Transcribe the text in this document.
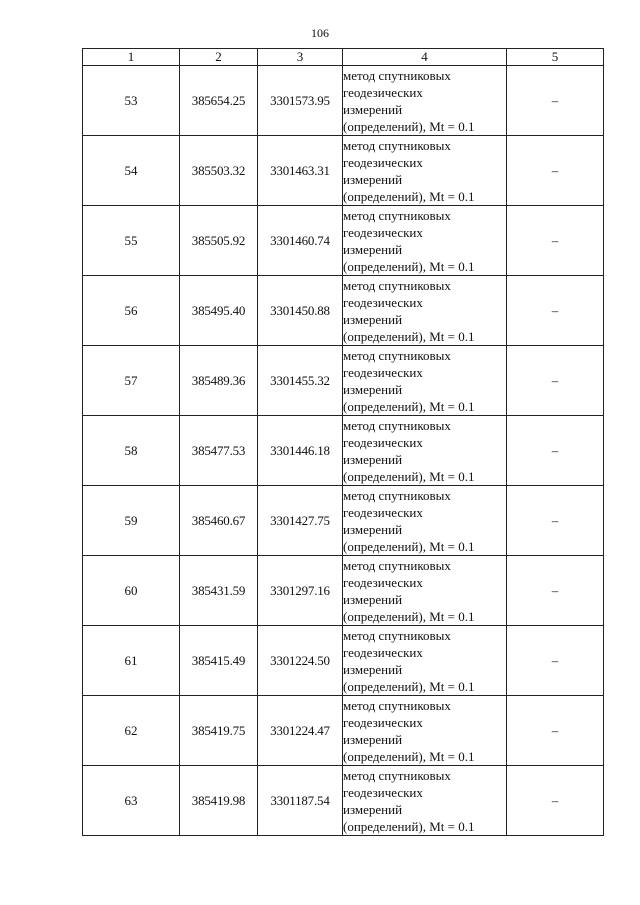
106
1	2	3	4	5
53	385654.25	3301573.95	метод спутниковых
геодезических
измерений
(определений), Mt = 0.1	–
54	385503.32	3301463.31	метод спутниковых
геодезических
измерений
(определений), Mt = 0.1	–
55	385505.92	3301460.74	метод спутниковых
геодезических
измерений
(определений), Mt = 0.1	–
56	385495.40	3301450.88	метод спутниковых
геодезических
измерений
(определений), Mt = 0.1	–
57	385489.36	3301455.32	метод спутниковых
геодезических
измерений
(определений), Mt = 0.1	–
58	385477.53	3301446.18	метод спутниковых
геодезических
измерений
(определений), Mt = 0.1	–
59	385460.67	3301427.75	метод спутниковых
геодезических
измерений
(определений), Mt = 0.1	–
60	385431.59	3301297.16	метод спутниковых
геодезических
измерений
(определений), Mt = 0.1	–
61	385415.49	3301224.50	метод спутниковых
геодезических
измерений
(определений), Mt = 0.1	–
62	385419.75	3301224.47	метод спутниковых
геодезических
измерений
(определений), Mt = 0.1	–
63	385419.98	3301187.54	метод спутниковых
геодезических
измерений
(определений), Mt = 0.1	–
